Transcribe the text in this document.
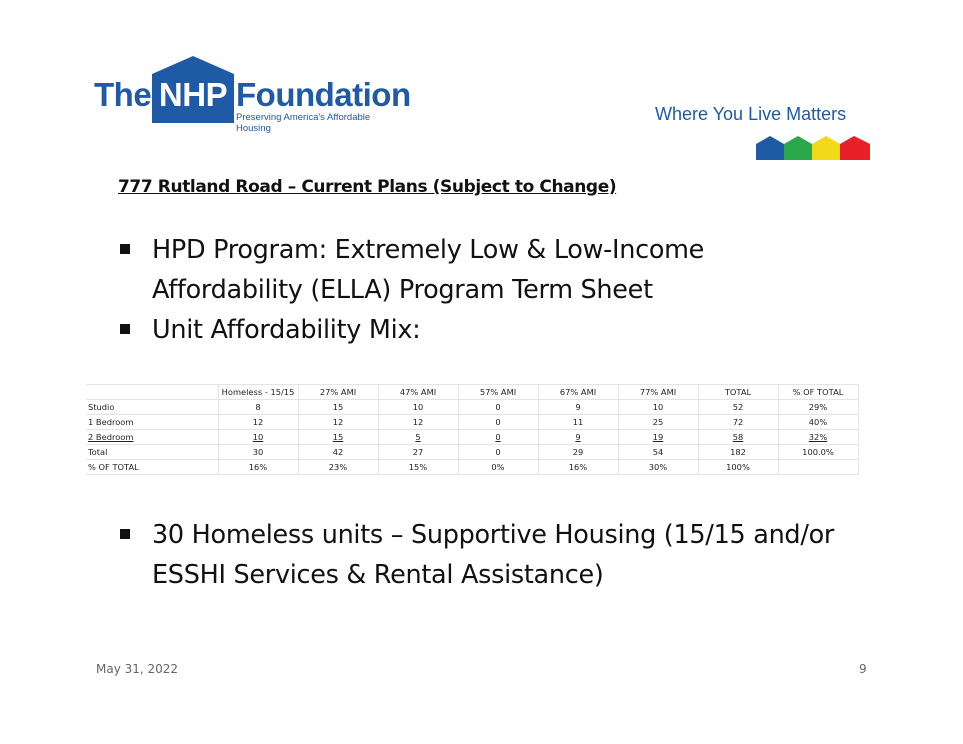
The NHP Foundation
Preserving America's Affordable Housing
Where You Live Matters
777 Rutland Road – Current Plans (Subject to Change)
HPD Program: Extremely Low & Low-Income Affordability (ELLA) Program Term Sheet
Unit Affordability Mix:
	Homeless - 15/15	27% AMI	47% AMI	57% AMI	67% AMI	77% AMI	TOTAL	% OF TOTAL
Studio	8	15	10	0	9	10	52	29%
1 Bedroom	12	12	12	0	11	25	72	40%
2 Bedroom	10	15	5	0	9	19	58	32%
Total	30	42	27	0	29	54	182	100.0%
% OF TOTAL	16%	23%	15%	0%	16%	30%	100%	
30 Homeless units – Supportive Housing (15/15 and/or ESSHI Services & Rental Assistance)
May 31, 2022	9
